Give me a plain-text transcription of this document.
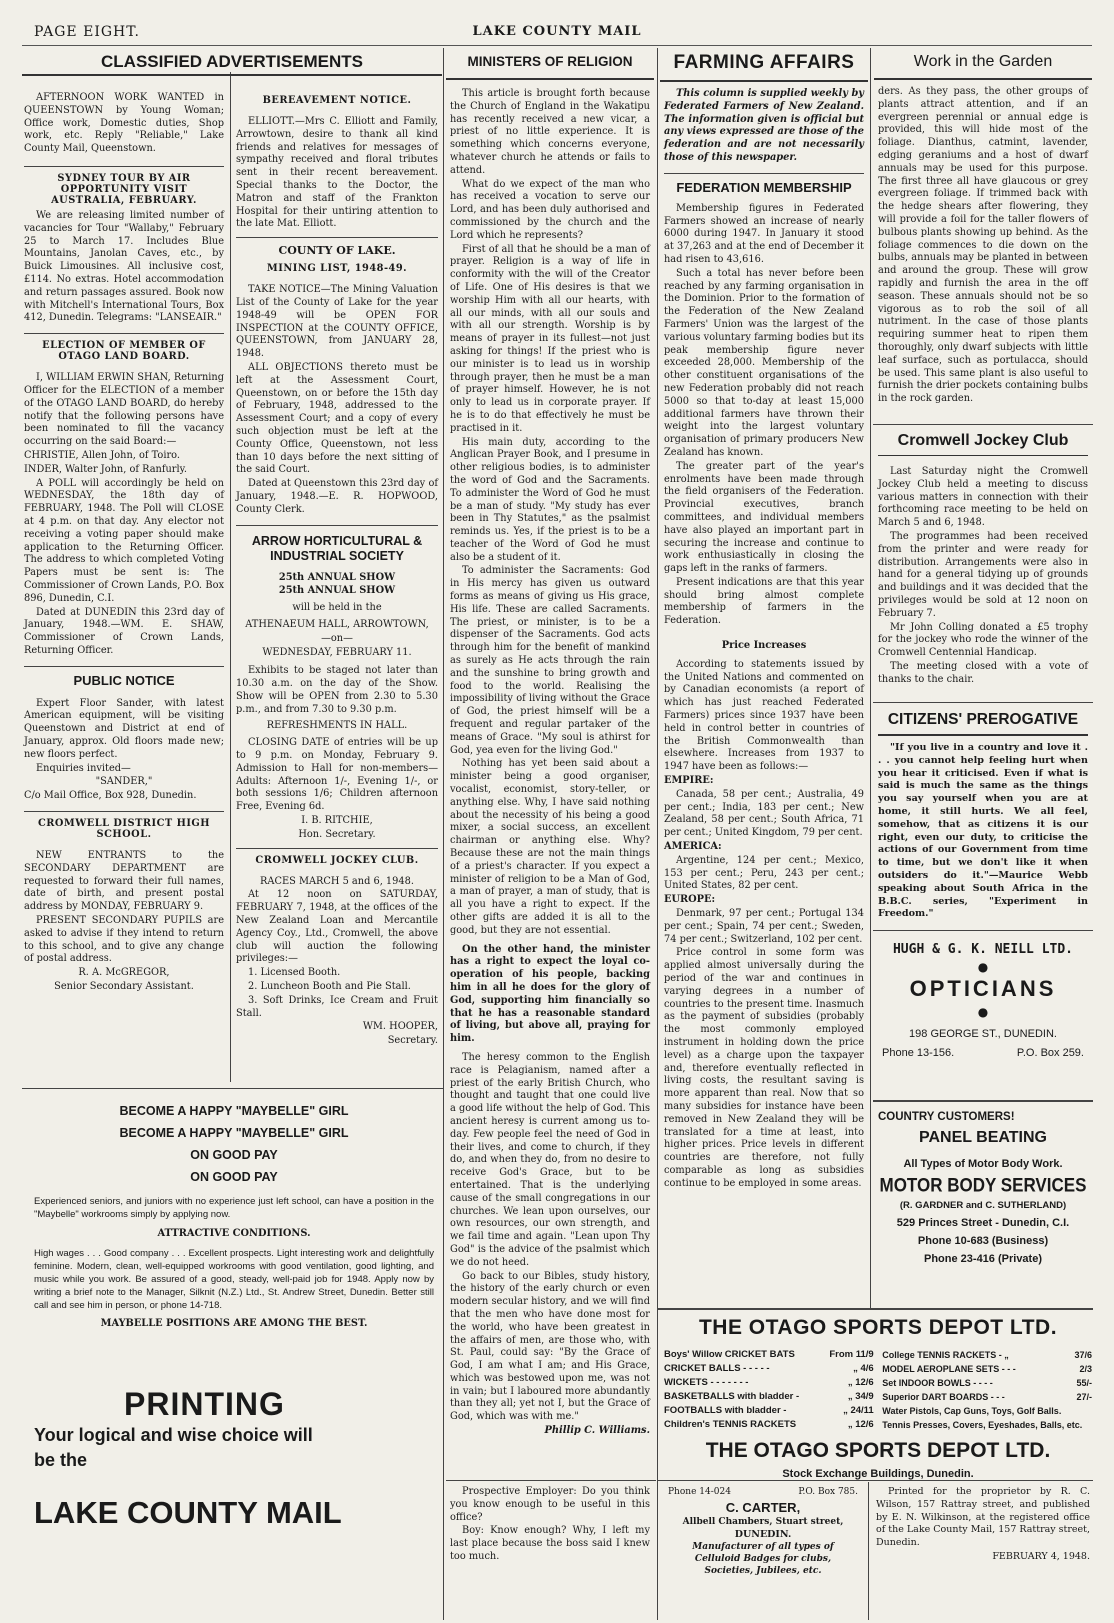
PAGE EIGHT.	LAKE COUNTY MAIL
CLASSIFIED ADVERTISEMENTS

AFTERNOON WORK WANTED in QUEENSTOWN by Young Woman; Office work, Domestic duties, Shop work, etc. Reply "Reliable," Lake County Mail, Queenstown.

SYDNEY TOUR BY AIR OPPORTUNITY VISIT AUSTRALIA, FEBRUARY.

We are releasing limited number of vacancies for Tour "Wallaby," February 25 to March 17. Includes Blue Mountains, Janolan Caves, etc., by Buick Limousines. All inclusive cost, £114. No extras. Hotel accommodation and return passages assured. Book now with Mitchell's International Tours, Box 412, Dunedin. Telegrams: "LANSEAIR."

ELECTION OF MEMBER OF OTAGO LAND BOARD.

I, WILLIAM ERWIN SHAN, Returning Officer for the ELECTION of a member of the OTAGO LAND BOARD, do hereby notify that the following persons have been nominated to fill the vacancy occurring on the said Board:—

CHRISTIE, Allen John, of Toiro.

INDER, Walter John, of Ranfurly.

A POLL will accordingly be held on WEDNESDAY, the 18th day of FEBRUARY, 1948. The Poll will CLOSE at 4 p.m. on that day. Any elector not receiving a voting paper should make application to the Returning Officer. The address to which completed Voting Papers must be sent is: The Commissioner of Crown Lands, P.O. Box 896, Dunedin, C.I.

Dated at DUNEDIN this 23rd day of January, 1948.—WM. E. SHAW, Commissioner of Crown Lands, Returning Officer.

PUBLIC NOTICE

Expert Floor Sander, with latest American equipment, will be visiting Queenstown and District at end of January, approx. Old floors made new; new floors perfect.

Enquiries invited—

"SANDER,"

C/o Mail Office, Box 928, Dunedin.

CROMWELL DISTRICT HIGH SCHOOL.

NEW ENTRANTS to the SECONDARY DEPARTMENT are requested to forward their full names, date of birth, and present postal address by MONDAY, FEBRUARY 9.

PRESENT SECONDARY PUPILS are asked to advise if they intend to return to this school, and to give any change of postal address.

R. A. McGREGOR,

Senior Secondary Assistant.

BEREAVEMENT NOTICE.

ELLIOTT.—Mrs C. Elliott and Family, Arrowtown, desire to thank all kind friends and relatives for messages of sympathy received and floral tributes sent in their recent bereavement. Special thanks to the Doctor, the Matron and staff of the Frankton Hospital for their untiring attention to the late Mat. Elliott.

COUNTY OF LAKE.
MINING LIST, 1948-49.

TAKE NOTICE—The Mining Valuation List of the County of Lake for the year 1948-49 will be OPEN FOR INSPECTION at the COUNTY OFFICE, QUEENSTOWN, from JANUARY 28, 1948.

ALL OBJECTIONS thereto must be left at the Assessment Court, Queenstown, on or before the 15th day of February, 1948, addressed to the Assessment Court; and a copy of every such objection must be left at the County Office, Queenstown, not less than 10 days before the next sitting of the said Court.

Dated at Queenstown this 23rd day of January, 1948.—E. R. HOPWOOD, County Clerk.

ARROW HORTICULTURAL & INDUSTRIAL SOCIETY

25th ANNUAL SHOW

25th ANNUAL SHOW

will be held in the

ATHENAEUM HALL, ARROWTOWN,

—on—

WEDNESDAY, FEBRUARY 11.

Exhibits to be staged not later than 10.30 a.m. on the day of the Show. Show will be OPEN from 2.30 to 5.30 p.m., and from 7.30 to 9.30 p.m.

REFRESHMENTS IN HALL.

CLOSING DATE of entries will be up to 9 p.m. on Monday, February 9. Admission to Hall for non-members—Adults: Afternoon 1/-, Evening 1/-, or both sessions 1/6; Children afternoon Free, Evening 6d.

I. B. RITCHIE,

Hon. Secretary.

CROMWELL JOCKEY CLUB.

RACES MARCH 5 and 6, 1948.

At 12 noon on SATURDAY, FEBRUARY 7, 1948, at the offices of the New Zealand Loan and Mercantile Agency Coy., Ltd., Cromwell, the above club will auction the following privileges:—

1. Licensed Booth.

2. Luncheon Booth and Pie Stall.

3. Soft Drinks, Ice Cream and Fruit Stall.

WM. HOOPER,

Secretary.

BECOME A HAPPY "MAYBELLE" GIRL
BECOME A HAPPY "MAYBELLE" GIRL
ON GOOD PAY
ON GOOD PAY

Experienced seniors, and juniors with no experience just left school, can have a position in the "Maybelle" workrooms simply by applying now.

ATTRACTIVE CONDITIONS.

High wages . . . Good company . . . Excellent prospects. Light interesting work and delightfully feminine. Modern, clean, well-equipped workrooms with good ventilation, good lighting, and music while you work. Be assured of a good, steady, well-paid job for 1948. Apply now by writing a brief note to the Manager, Silknit (N.Z.) Ltd., St. Andrew Street, Dunedin. Better still call and see him in person, or phone 14-718.

MAYBELLE POSITIONS ARE AMONG THE BEST.

PRINTING
Your logical and wise choice will
be the
LAKE COUNTY MAIL
MINISTERS OF RELIGION

This article is brought forth because the Church of England in the Wakatipu has recently received a new vicar, a priest of no little experience. It is something which concerns everyone, whatever church he attends or fails to attend.

What do we expect of the man who has received a vocation to serve our Lord, and has been duly authorised and commissioned by the church and the Lord which he represents?

First of all that he should be a man of prayer. Religion is a way of life in conformity with the will of the Creator of Life. One of His desires is that we worship Him with all our hearts, with all our minds, with all our souls and with all our strength. Worship is by means of prayer in its fullest—not just asking for things! If the priest who is our minister is to lead us in worship through prayer, then he must be a man of prayer himself. However, he is not only to lead us in corporate prayer. If he is to do that effectively he must be practised in it.

His main duty, according to the Anglican Prayer Book, and I presume in other religious bodies, is to administer the word of God and the Sacraments. To administer the Word of God he must be a man of study. "My study has ever been in Thy Statutes," as the psalmist reminds us. Yes, if the priest is to be a teacher of the Word of God he must also be a student of it.

To administer the Sacraments: God in His mercy has given us outward forms as means of giving us His grace, His life. These are called Sacraments. The priest, or minister, is to be a dispenser of the Sacraments. God acts through him for the benefit of mankind as surely as He acts through the rain and the sunshine to bring growth and food to the world. Realising the impossibility of living without the Grace of God, the priest himself will be a frequent and regular partaker of the means of Grace. "My soul is athirst for God, yea even for the living God."

Nothing has yet been said about a minister being a good organiser, vocalist, economist, story-teller, or anything else. Why, I have said nothing about the necessity of his being a good mixer, a social success, an excellent chairman or anything else. Why? Because these are not the main things of a priest's character. If you expect a minister of religion to be a Man of God, a man of prayer, a man of study, that is all you have a right to expect. If the other gifts are added it is all to the good, but they are not essential.

On the other hand, the minister has a right to expect the loyal co-operation of his people, backing him in all he does for the glory of God, supporting him financially so that he has a reasonable standard of living, but above all, praying for him.

The heresy common to the English race is Pelagianism, named after a priest of the early British Church, who thought and taught that one could live a good life without the help of God. This ancient heresy is current among us to-day. Few people feel the need of God in their lives, and come to church, if they do, and when they do, from no desire to receive God's Grace, but to be entertained. That is the underlying cause of the small congregations in our churches. We lean upon ourselves, our own resources, our own strength, and we fail time and again. "Lean upon Thy God" is the advice of the psalmist which we do not heed.

Go back to our Bibles, study history, the history of the early church or even modern secular history, and we will find that the men who have done most for the world, who have been greatest in the affairs of men, are those who, with St. Paul, could say: "By the Grace of God, I am what I am; and His Grace, which was bestowed upon me, was not in vain; but I laboured more abundantly than they all; yet not I, but the Grace of God, which was with me."

Phillip C. Williams.

Prospective Employer: Do you think you know enough to be useful in this office?

Boy: Know enough? Why, I left my last place because the boss said I knew too much.

FARMING AFFAIRS

This column is supplied weekly by Federated Farmers of New Zealand. The information given is official but any views expressed are those of the federation and are not necessarily those of this newspaper.

FEDERATION MEMBERSHIP

Membership figures in Federated Farmers showed an increase of nearly 6000 during 1947. In January it stood at 37,263 and at the end of December it had risen to 43,616.

Such a total has never before been reached by any farming organisation in the Dominion. Prior to the formation of the Federation of the New Zealand Farmers' Union was the largest of the various voluntary farming bodies but its peak membership figure never exceeded 28,000. Membership of the other constituent organisations of the new Federation probably did not reach 5000 so that to-day at least 15,000 additional farmers have thrown their weight into the largest voluntary organisation of primary producers New Zealand has known.

The greater part of the year's enrolments have been made through the field organisers of the Federation. Provincial executives, branch committees, and individual members have also played an important part in securing the increase and continue to work enthusiastically in closing the gaps left in the ranks of farmers.

Present indications are that this year should bring almost complete membership of farmers in the Federation.

Price Increases

According to statements issued by the United Nations and commented on by Canadian economists (a report of which has just reached Federated Farmers) prices since 1937 have been held in control better in countries of the British Commonwealth than elsewhere. Increases from 1937 to 1947 have been as follows:—

EMPIRE:

Canada, 58 per cent.; Australia, 49 per cent.; India, 183 per cent.; New Zealand, 58 per cent.; South Africa, 71 per cent.; United Kingdom, 79 per cent.

AMERICA:

Argentine, 124 per cent.; Mexico, 153 per cent.; Peru, 243 per cent.; United States, 82 per cent.

EUROPE:

Denmark, 97 per cent.; Portugal 134 per cent.; Spain, 74 per cent.; Sweden, 74 per cent.; Switzerland, 102 per cent.

Price control in some form was applied almost universally during the period of the war and continues in varying degrees in a number of countries to the present time. Inasmuch as the payment of subsidies (probably the most commonly employed instrument in holding down the price level) as a charge upon the taxpayer and, therefore eventually reflected in living costs, the resultant saving is more apparent than real. Now that so many subsidies for instance have been removed in New Zealand they will be translated for a time at least, into higher prices. Price levels in different countries are therefore, not fully comparable as long as subsidies continue to be employed in some areas.

Work in the Garden

ders. As they pass, the other groups of plants attract attention, and if an evergreen perennial or annual edge is provided, this will hide most of the foliage. Dianthus, catmint, lavender, edging geraniums and a host of dwarf annuals may be used for this purpose. The first three all have glaucous or grey evergreen foliage. If trimmed back with the hedge shears after flowering, they will provide a foil for the taller flowers of bulbous plants showing up behind. As the foliage commences to die down on the bulbs, annuals may be planted in between and around the group. These will grow rapidly and furnish the area in the off season. These annuals should not be so vigorous as to rob the soil of all nutriment. In the case of those plants requiring summer heat to ripen them thoroughly, only dwarf subjects with little leaf surface, such as portulacca, should be used. This same plant is also useful to furnish the drier pockets containing bulbs in the rock garden.

Cromwell Jockey Club

Last Saturday night the Cromwell Jockey Club held a meeting to discuss various matters in connection with their forthcoming race meeting to be held on March 5 and 6, 1948.

The programmes had been received from the printer and were ready for distribution. Arrangements were also in hand for a general tidying up of grounds and buildings and it was decided that the privileges would be sold at 12 noon on February 7.

Mr John Colling donated a £5 trophy for the jockey who rode the winner of the Cromwell Centennial Handicap.

The meeting closed with a vote of thanks to the chair.

CITIZENS' PREROGATIVE

"If you live in a country and love it . . . you cannot help feeling hurt when you hear it criticised. Even if what is said is much the same as the things you say yourself when you are at home, it still hurts. We all feel, somehow, that as citizens it is our right, even our duty, to criticise the actions of our Government from time to time, but we don't like it when outsiders do it."—Maurice Webb speaking about South Africa in the B.B.C. series, "Experiment in Freedom."

HUGH & G. K. NEILL LTD.
●
OPTICIANS
●
198 GEORGE ST., DUNEDIN.
Phone 13-156.	P.O. Box 259.
COUNTRY CUSTOMERS!
PANEL BEATING
All Types of Motor Body Work.
MOTOR BODY SERVICES
(R. GARDNER and C. SUTHERLAND)
529 Princes Street - Dunedin, C.I.
Phone 10-683 (Business)
Phone 23-416 (Private)
THE OTAGO SPORTS DEPOT LTD.
Boys' Willow CRICKET BATS	From 11/9
CRICKET BALLS - - - - -	„ 4/6
WICKETS - - - - - - -	„ 12/6
BASKETBALLS with bladder -	„ 34/9
FOOTBALLS with bladder -	„ 24/11
Children's TENNIS RACKETS	„ 12/6
College TENNIS RACKETS - „	37/6
MODEL AEROPLANE SETS - - -	2/3
Set INDOOR BOWLS - - - -	55/-
Superior DART BOARDS - - -	27/-
Water Pistols, Cap Guns, Toys, Golf Balls.
Tennis Presses, Covers, Eyeshades, Balls, etc.
THE OTAGO SPORTS DEPOT LTD.
Stock Exchange Buildings, Dunedin.
Phone 14-024	P.O. Box 785.
C. CARTER,
Allbell Chambers, Stuart street,
DUNEDIN.
Manufacturer of all types of
Celluloid Badges for clubs,
Societies, Jubilees, etc.

Printed for the proprietor by R. C. Wilson, 157 Rattray street, and published by E. N. Wilkinson, at the registered office of the Lake County Mail, 157 Rattray street, Dunedin.

FEBRUARY 4, 1948.
